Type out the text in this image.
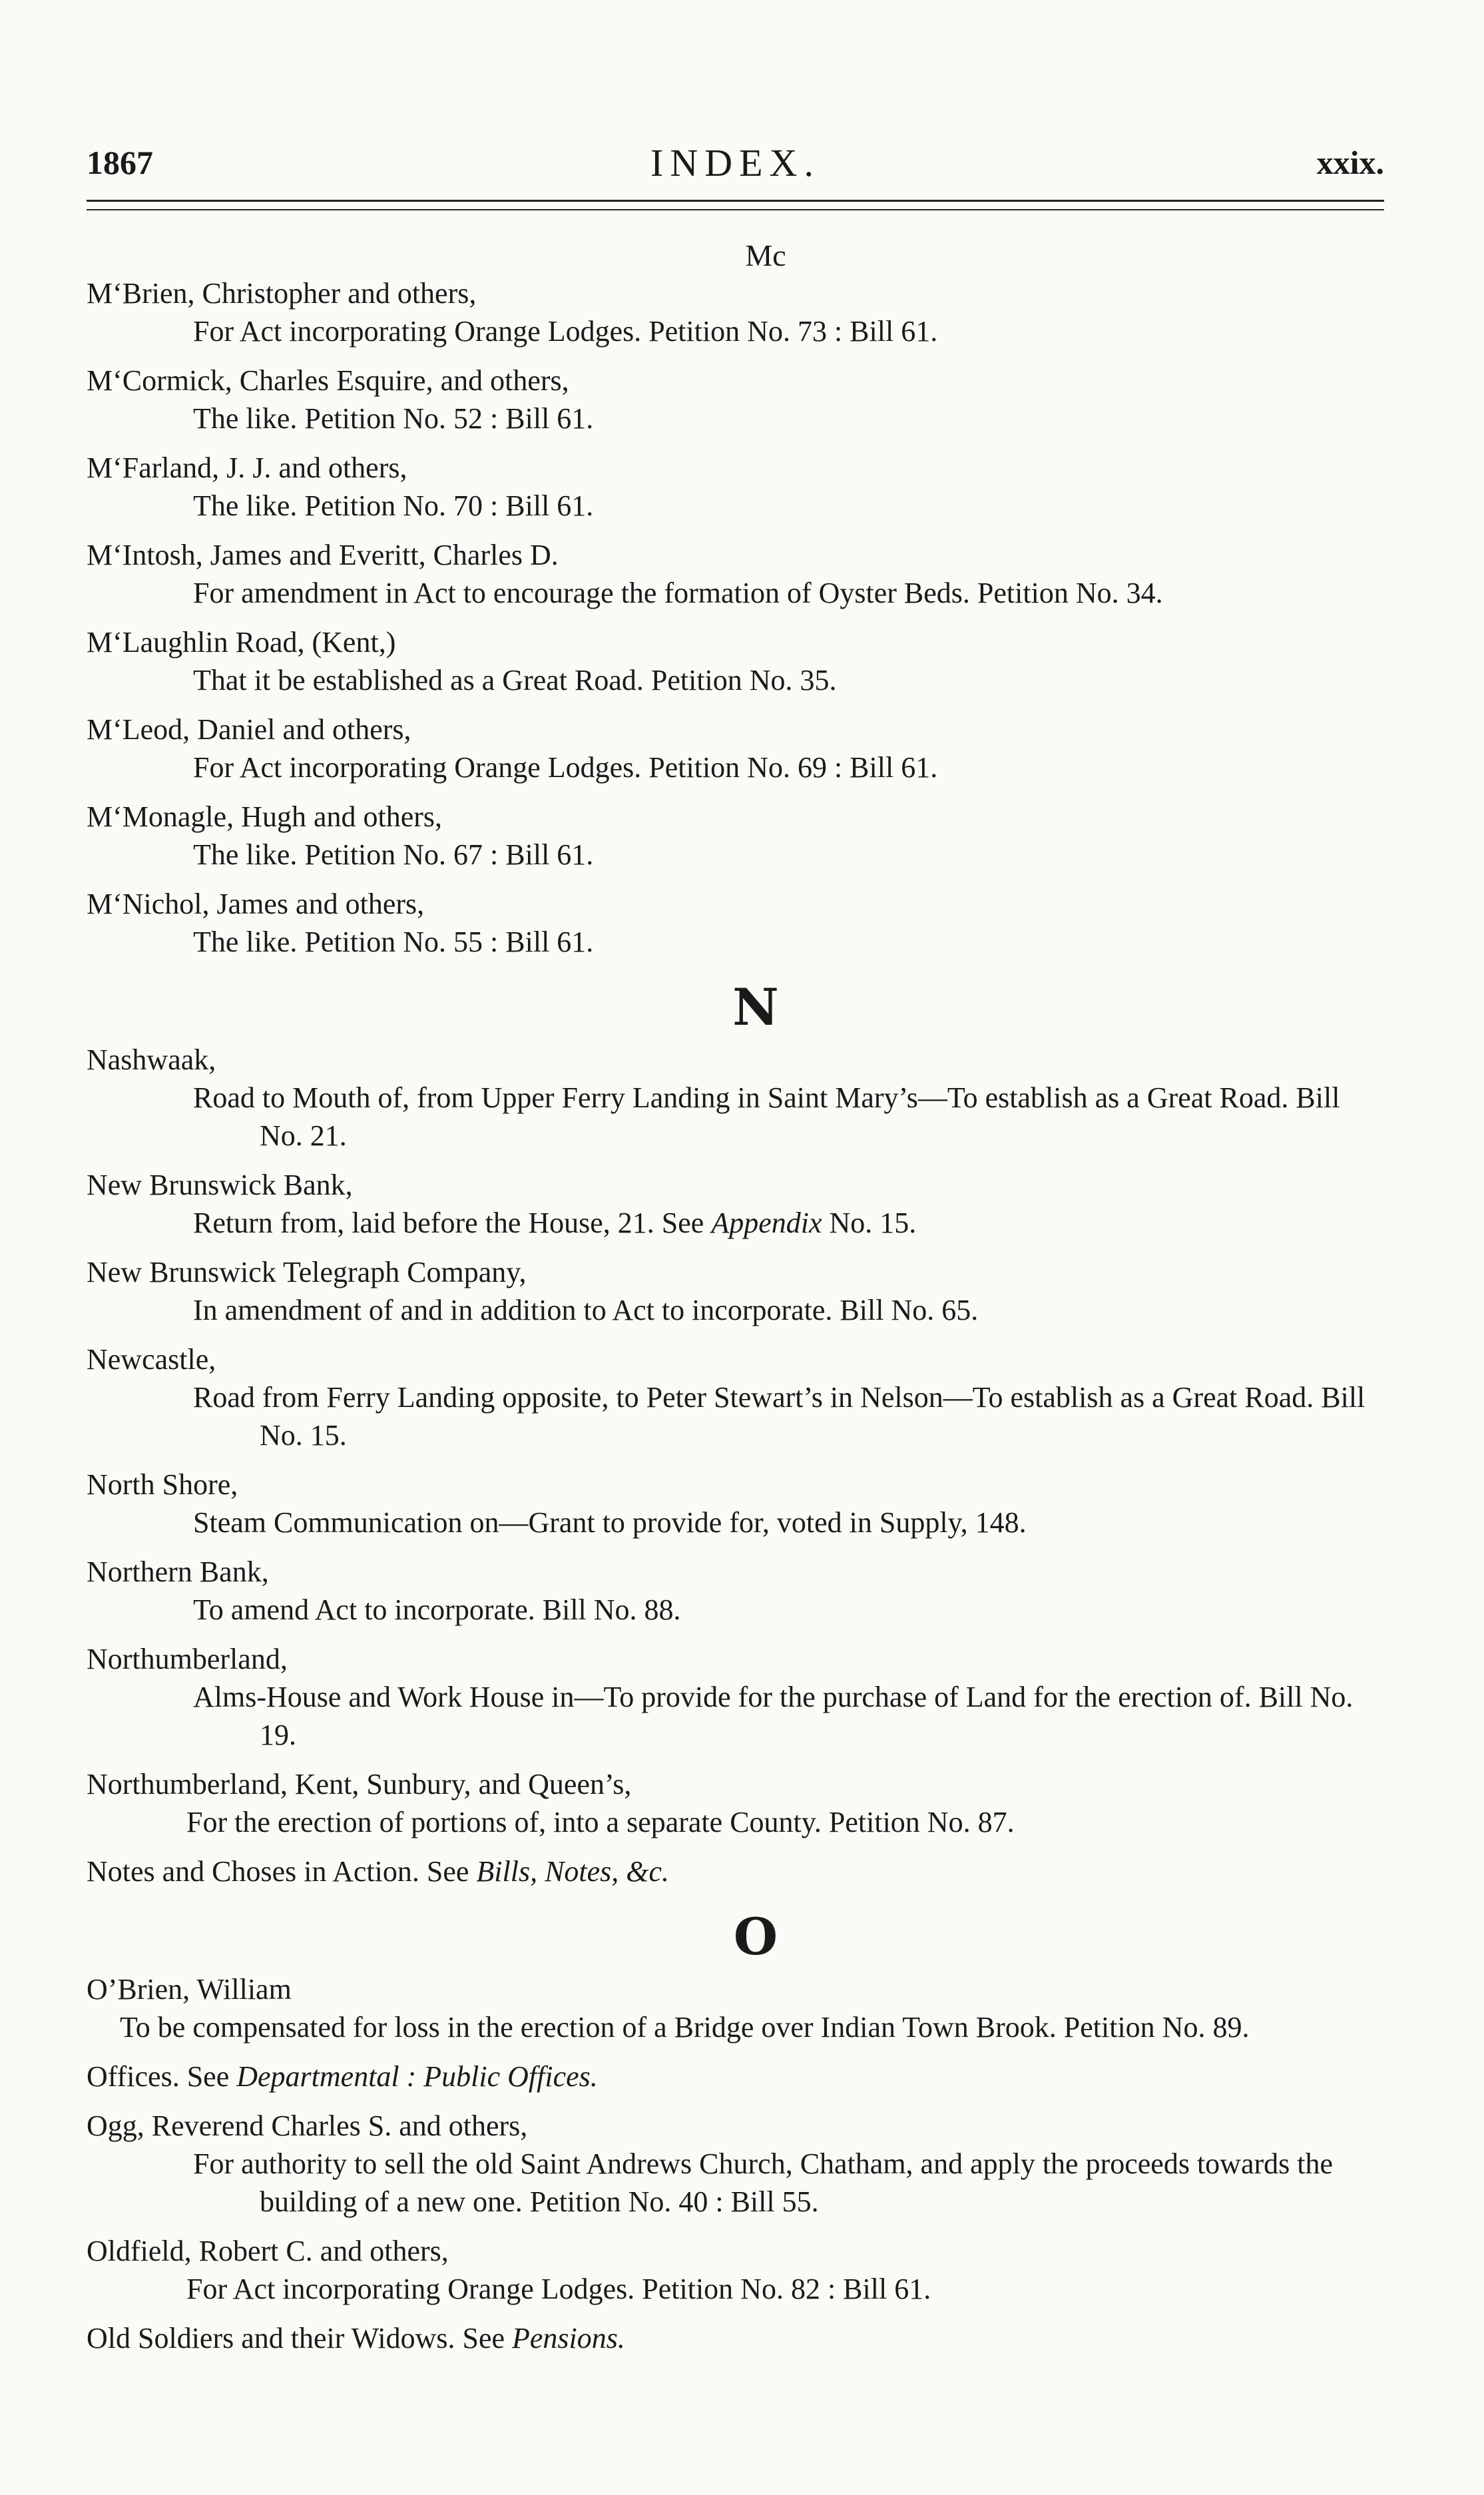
1867	INDEX.	xxix.
Mc
M‘Brien, Christopher and others,
For Act incorporating Orange Lodges. Petition No. 73 : Bill 61.
M‘Cormick, Charles Esquire, and others,
The like. Petition No. 52 : Bill 61.
M‘Farland, J. J. and others,
The like. Petition No. 70 : Bill 61.
M‘Intosh, James and Everitt, Charles D.
For amendment in Act to encourage the formation of Oyster Beds. Petition No. 34.
M‘Laughlin Road, (Kent,)
That it be established as a Great Road. Petition No. 35.
M‘Leod, Daniel and others,
For Act incorporating Orange Lodges. Petition No. 69 : Bill 61.
M‘Monagle, Hugh and others,
The like. Petition No. 67 : Bill 61.
M‘Nichol, James and others,
The like. Petition No. 55 : Bill 61.
N
Nashwaak,
Road to Mouth of, from Upper Ferry Landing in Saint Mary’s—To establish as a Great Road. Bill No. 21.
New Brunswick Bank,
Return from, laid before the House, 21. See Appendix No. 15.
New Brunswick Telegraph Company,
In amendment of and in addition to Act to incorporate. Bill No. 65.
Newcastle,
Road from Ferry Landing opposite, to Peter Stewart’s in Nelson—To establish as a Great Road. Bill No. 15.
North Shore,
Steam Communication on—Grant to provide for, voted in Supply, 148.
Northern Bank,
To amend Act to incorporate. Bill No. 88.
Northumberland,
Alms-House and Work House in—To provide for the purchase of Land for the erection of. Bill No. 19.
Northumberland, Kent, Sunbury, and Queen’s,
For the erection of portions of, into a separate County. Petition No. 87.
Notes and Choses in Action. See Bills, Notes, &c.
O
O’Brien, William
To be compensated for loss in the erection of a Bridge over Indian Town Brook. Petition No. 89.
Offices. See Departmental : Public Offices.
Ogg, Reverend Charles S. and others,
For authority to sell the old Saint Andrews Church, Chatham, and apply the proceeds towards the building of a new one. Petition No. 40 : Bill 55.
Oldfield, Robert C. and others,
For Act incorporating Orange Lodges. Petition No. 82 : Bill 61.
Old Soldiers and their Widows. See Pensions.
